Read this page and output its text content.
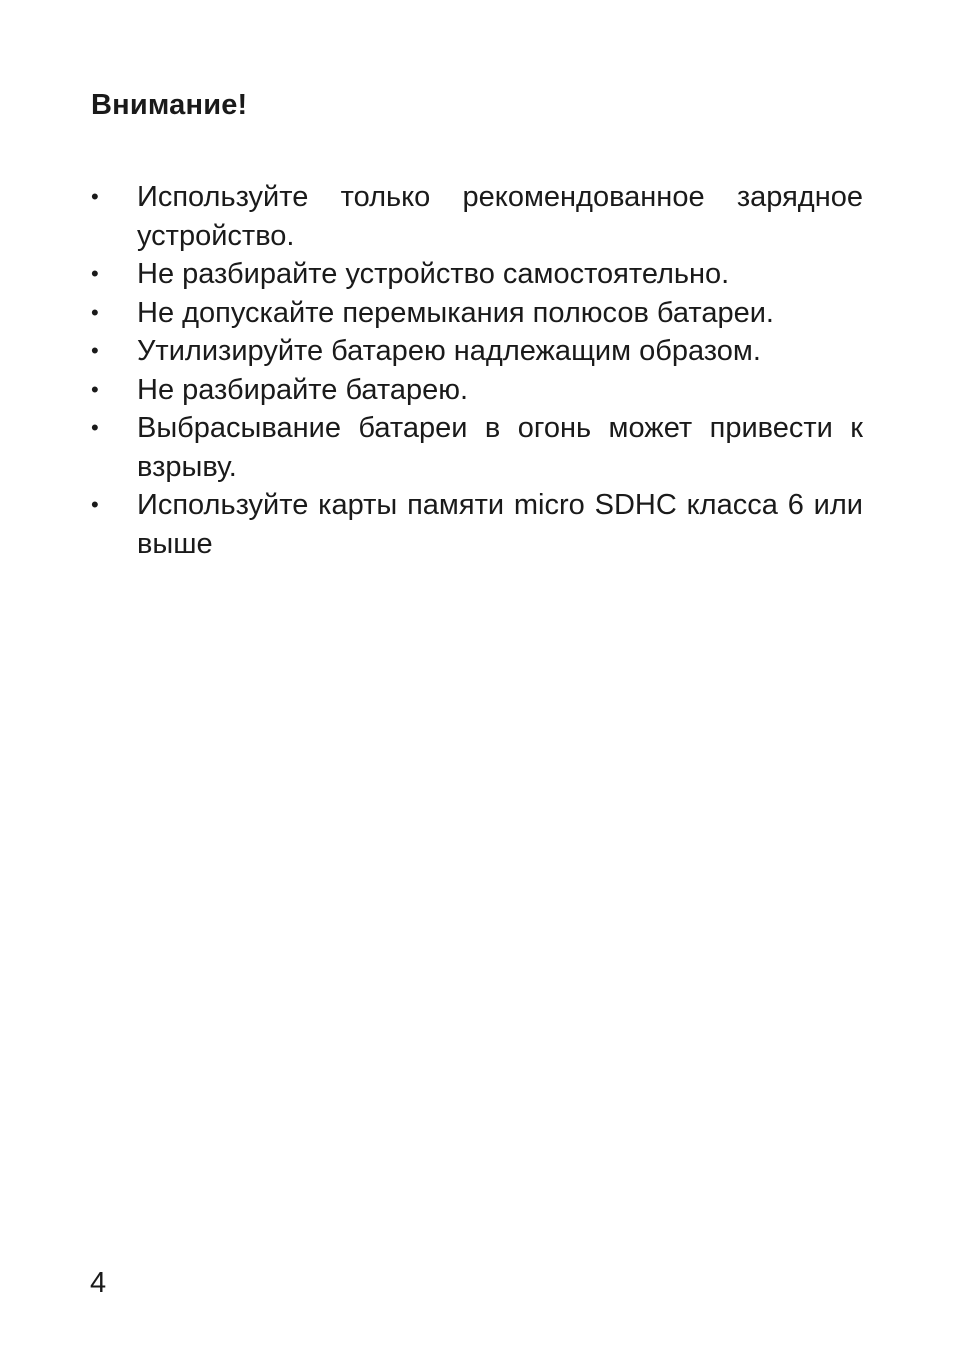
Внимание!
• Используйте только рекомендованное зарядное устройство.
• Не разбирайте устройство самостоятельно.
• Не допускайте перемыкания полюсов батареи.
• Утилизируйте батарею надлежащим образом.
• Не разбирайте батарею.
• Выбрасывание батареи в огонь может привести к взрыву.
• Используйте карты памяти micro SDHC класса 6 или выше
4
